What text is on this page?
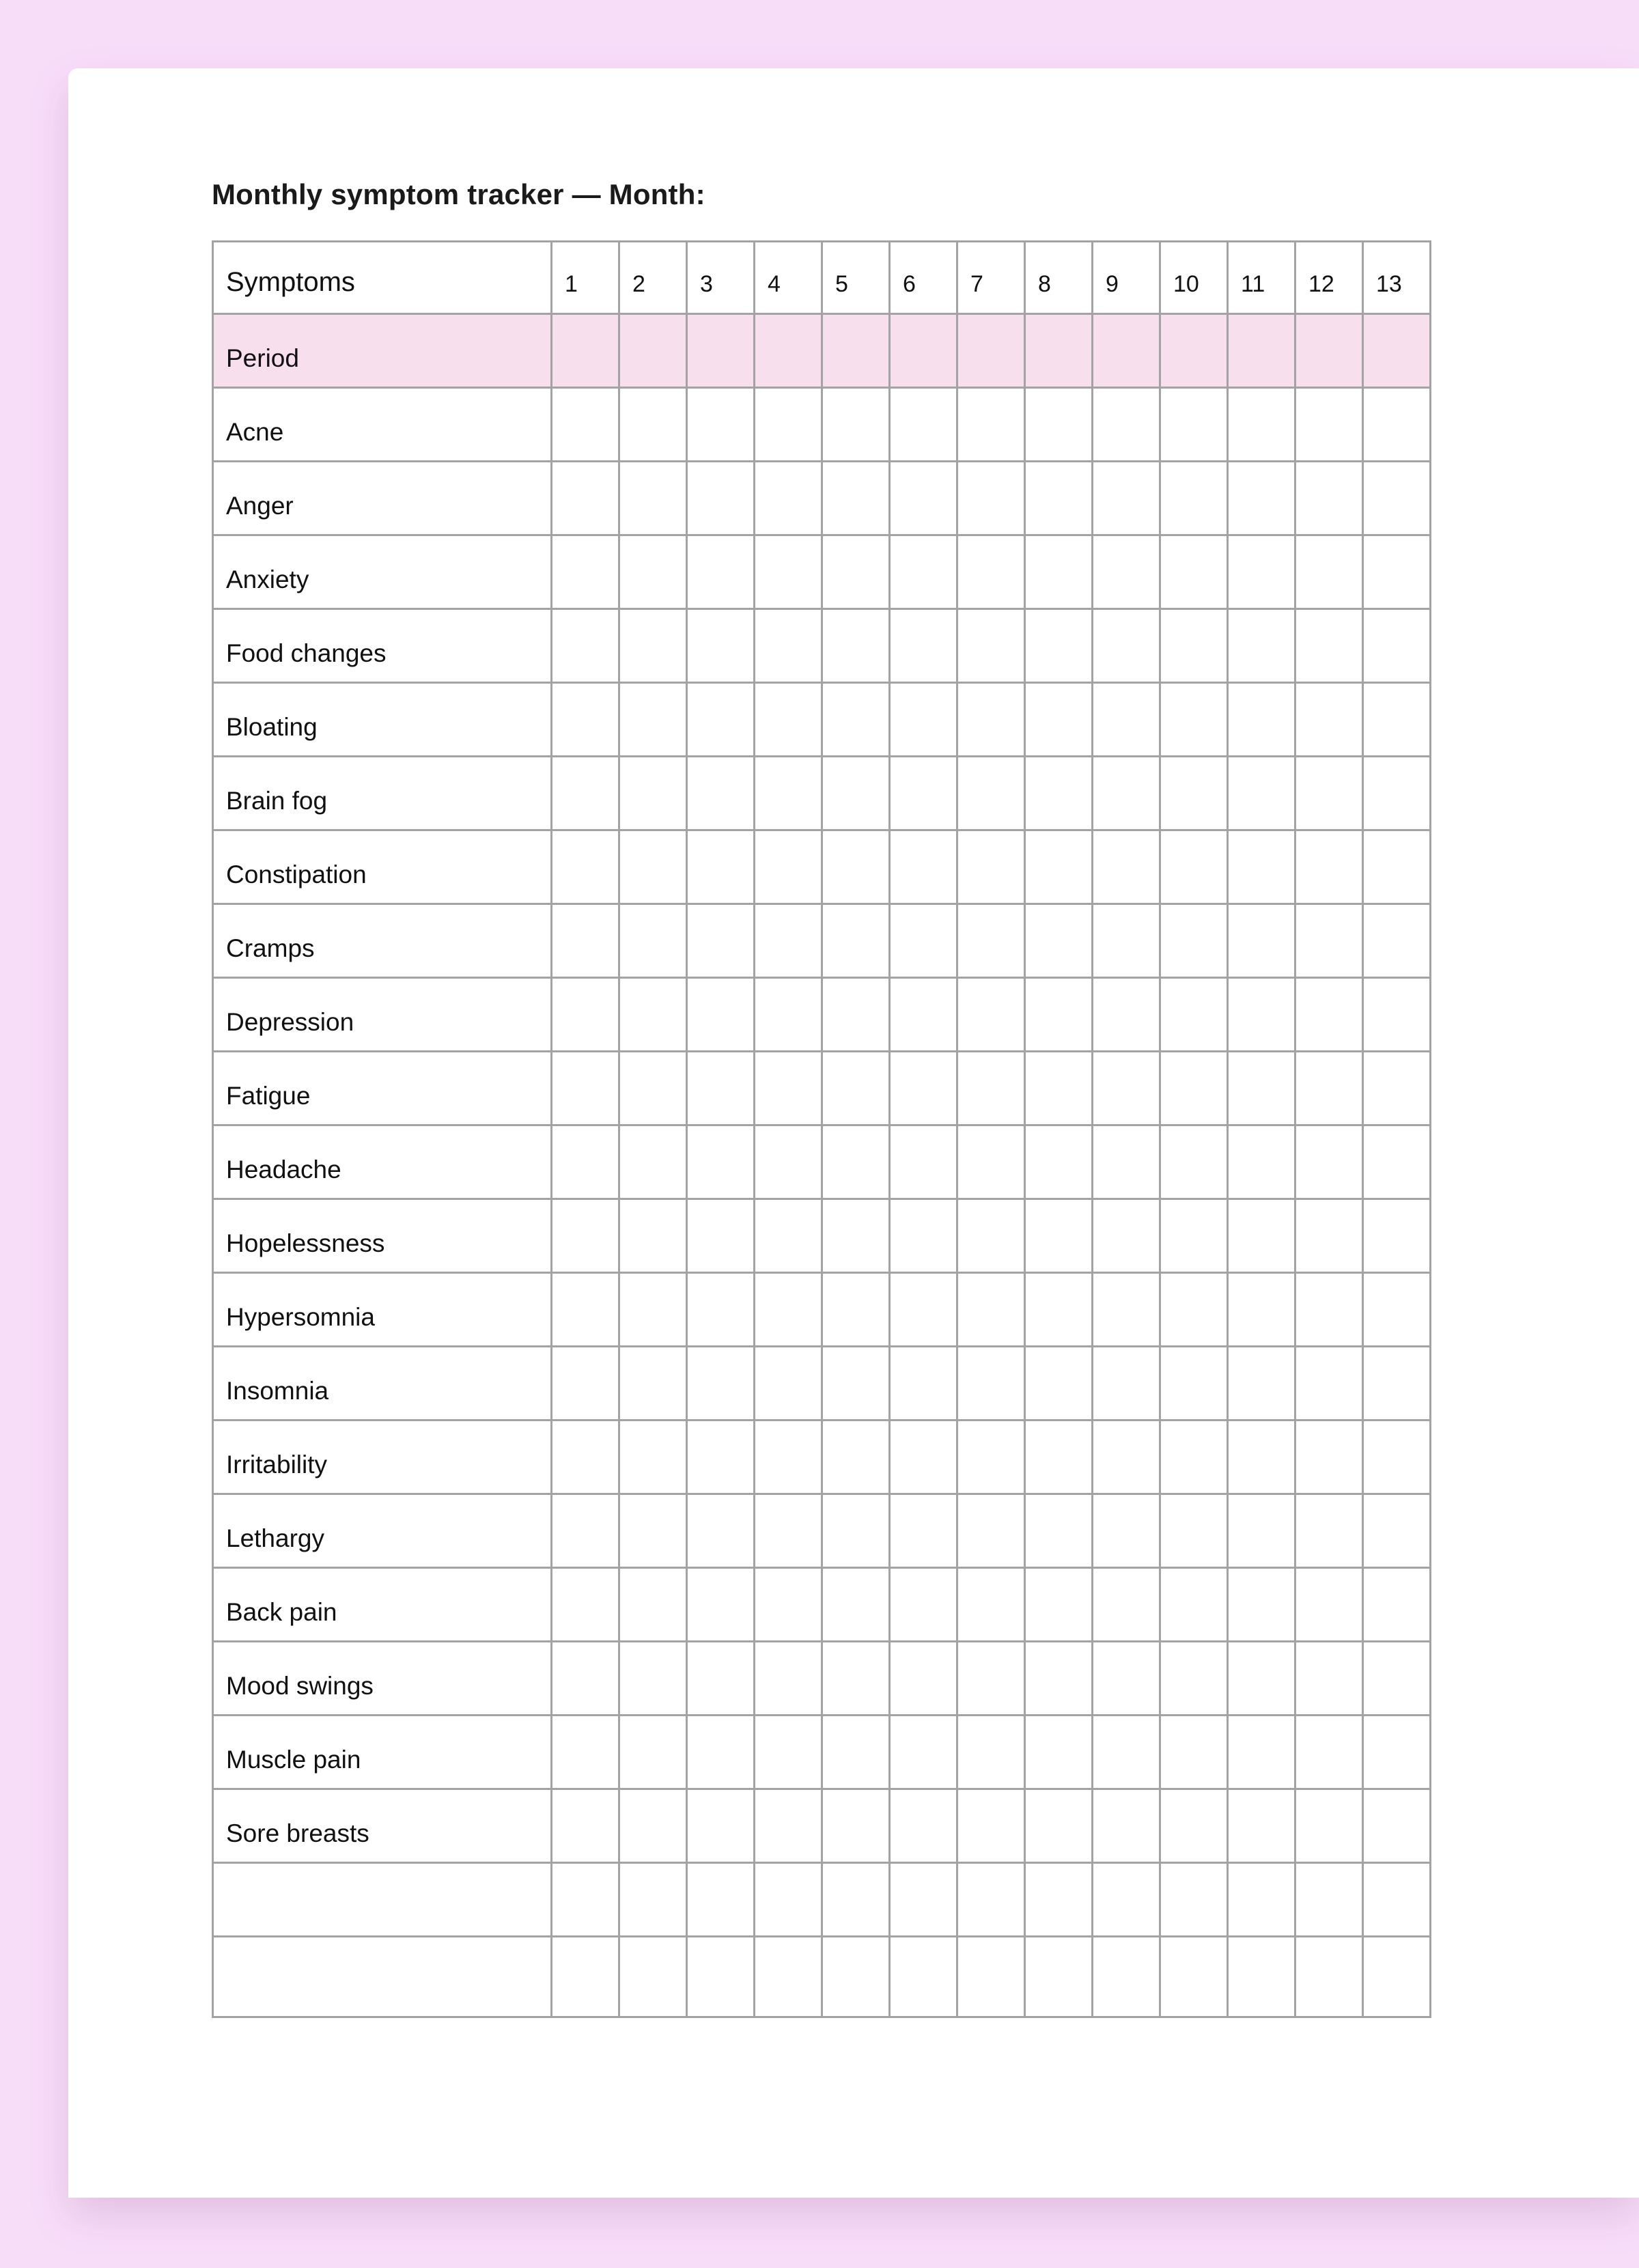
Monthly symptom tracker — Month:
Symptoms	1	2	3	4	5	6	7	8	9	10	11	12	13
Period													
Acne													
Anger													
Anxiety													
Food changes													
Bloating													
Brain fog													
Constipation													
Cramps													
Depression													
Fatigue													
Headache													
Hopelessness													
Hypersomnia													
Insomnia													
Irritability													
Lethargy													
Back pain													
Mood swings													
Muscle pain													
Sore breasts													
